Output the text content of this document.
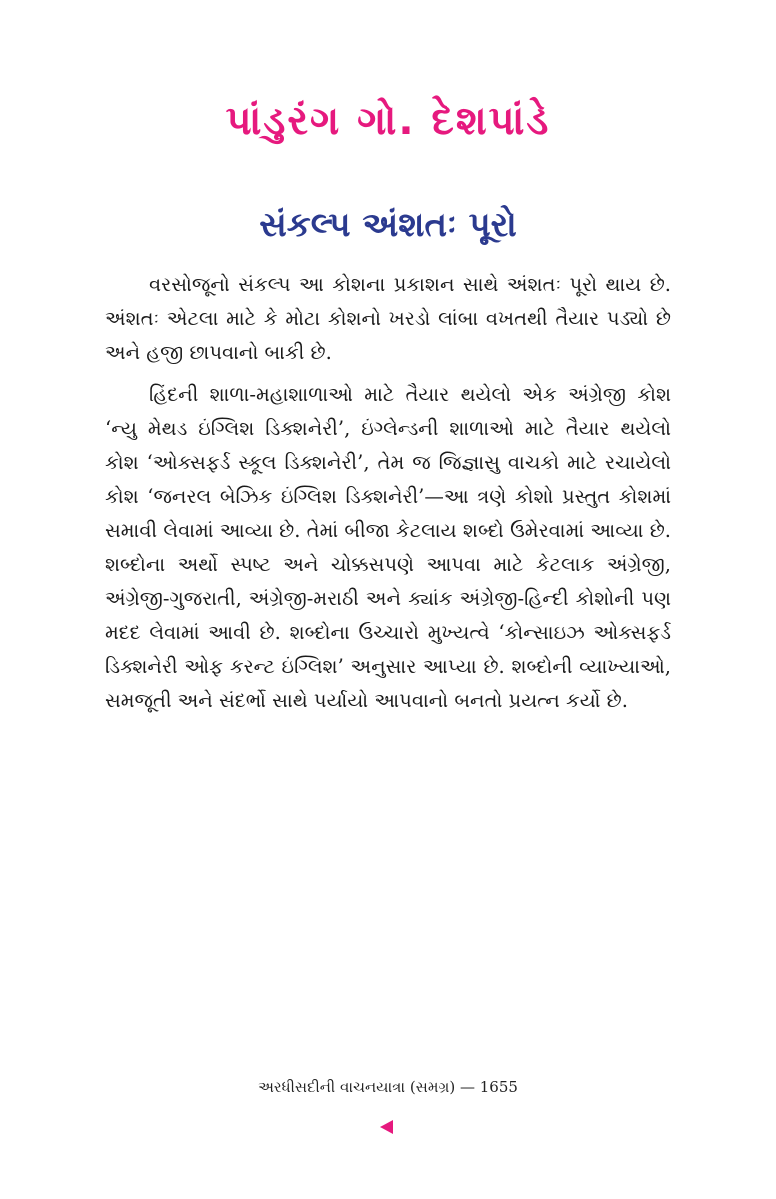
પાંડુરંગ ગો. દેશપાંડે
સંકલ્પ અંશતઃ પૂરો

વરસોજૂનો સંકલ્પ આ કોશના પ્રકાશન સાથે અંશતઃ પૂરો થાય છે. અંશતઃ એટલા માટે કે મોટા કોશનો ખરડો લાંબા વખતથી તૈયાર પડ્યો છે અને હજી છાપવાનો બાકી છે.

હિંદની શાળા-મહાશાળાઓ માટે તૈયાર થયેલો એક અંગ્રેજી કોશ ‘ન્યુ મેથડ ઇંગ્લિશ ડિક્શનેરી’, ઇંગ્લેન્ડની શાળાઓ માટે તૈયાર થયેલો કોશ ‘ઓક્સફર્ડ સ્કૂલ ડિક્શનેરી’, તેમ જ જિજ્ઞાસુ વાચકો માટે રચાયેલો કોશ ‘જનરલ બેઝિક ઇંગ્લિશ ડિક્શનેરી’—આ ત્રણે કોશો પ્રસ્તુત કોશમાં સમાવી લેવામાં આવ્યા છે. તેમાં બીજા કેટલાય શબ્દો ઉમેરવામાં આવ્યા છે. શબ્દોના અર્થો સ્પષ્ટ અને ચોક્કસપણે આપવા માટે કેટલાક અંગ્રેજી, અંગ્રેજી-ગુજરાતી, અંગ્રેજી-મરાઠી અને ક્યાંક અંગ્રેજી-હિન્દી કોશોની પણ મદદ લેવામાં આવી છે. શબ્દોના ઉચ્ચારો મુખ્યત્વે ‘કોન્સાઇઝ ઓક્સફર્ડ ડિક્શનેરી ઓફ કરન્ટ ઇંગ્લિશ’ અનુસાર આપ્યા છે. શબ્દોની વ્યાખ્યાઓ, સમજૂતી અને સંદર્ભો સાથે પર્યાયો આપવાનો બનતો પ્રયત્ન કર્યો છે.

અરધીસદીની વાચનયાત્રા (સમગ્ર) — 1655
